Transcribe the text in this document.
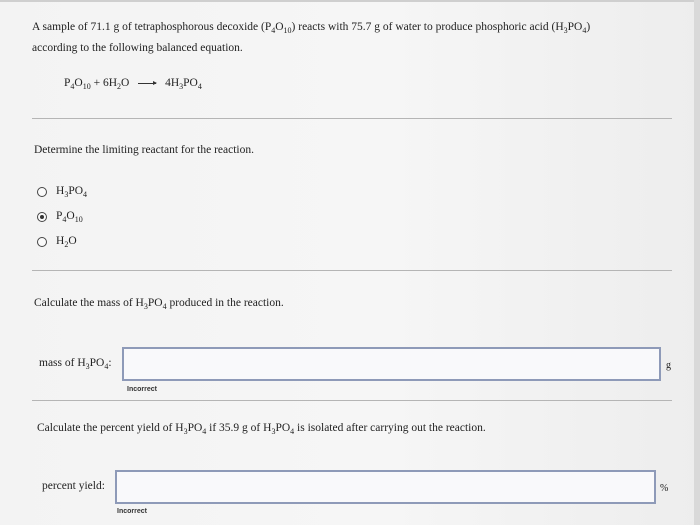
A sample of 71.1 g of tetraphosphorous decoxide $(P_4O_{10})$ reacts with 75.7 g of water to produce phosphoric acid $(H_3PO_4)$
according to the following balanced equation.
$P_4O_{10} + 6H_2O \to 4H_3PO_4$
Determine the limiting reactant for the reaction.
$H_3PO_4$
$P_4O_{10}$
$H_2O$
Calculate the mass of $H_3PO_4$ produced in the reaction.
mass of $H_3PO_4$:	g
Incorrect
Calculate the percent yield of $H_3PO_4$ if 35.9 g of $H_3PO_4$ is isolated after carrying out the reaction.
percent yield:	%
Incorrect
